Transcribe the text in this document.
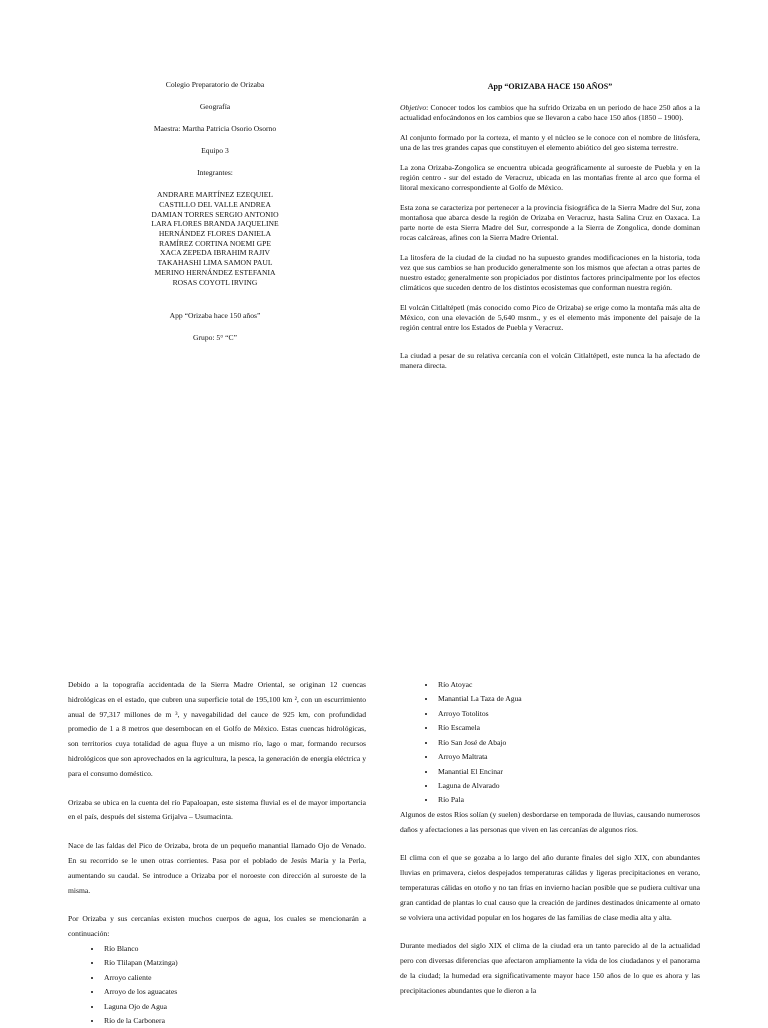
Colegio Preparatorio de Orizaba

Geografía

Maestra: Martha Patricia Osorio Osorno

Equipo 3

Integrantes:

ANDRARE MARTÍNEZ EZEQUIEL
CASTILLO DEL VALLE ANDREA
DAMIAN TORRES SERGIO ANTONIO
LARA FLORES BRANDA JAQUELINE
HERNÁNDEZ FLORES DANIELA
RAMÍREZ CORTINA NOEMI GPE
XACA ZEPEDA IBRAHIM RAJIV
TAKAHASHI LIMA SAMON PAUL
MERINO HERNÁNDEZ ESTEFANIA
ROSAS COYOTL IRVING

App “Orizaba hace 150 años”

Grupo: 5° “C”

App “ORIZABA HACE 150 AÑOS”

Objetivo: Conocer todos los cambios que ha sufrido Orizaba en un periodo de hace 250 años a la actualidad enfocándonos en los cambios que se llevaron a cabo hace 150 años (1850 – 1900).

Al conjunto formado por la corteza, el manto y el núcleo se le conoce con el nombre de litósfera, una de las tres grandes capas que constituyen el elemento abiótico del geo sistema terrestre.

La zona Orizaba-Zongolica se encuentra ubicada geográficamente al suroeste de Puebla y en la región centro - sur del estado de Veracruz, ubicada en las montañas frente al arco que forma el litoral mexicano correspondiente al Golfo de México.

Esta zona se caracteriza por pertenecer a la provincia fisiográfica de la Sierra Madre del Sur, zona montañosa que abarca desde la región de Orizaba en Veracruz, hasta Salina Cruz en Oaxaca. La parte norte de esta Sierra Madre del Sur, corresponde a la Sierra de Zongolica, donde dominan rocas calcáreas, afines con la Sierra Madre Oriental.

La litosfera de la ciudad de la ciudad no ha supuesto grandes modificaciones en la historia, toda vez que sus cambios se han producido generalmente son los mismos que afectan a otras partes de nuestro estado; generalmente son propiciados por distintos factores principalmente por los efectos climáticos que suceden dentro de los distintos ecosistemas que conforman nuestra región.

El volcán Citlaltépetl (más conocido como Pico de Orizaba) se erige como la montaña más alta de México, con una elevación de 5,640 msnm., y es el elemento más imponente del paisaje de la región central entre los Estados de Puebla y Veracruz.

La ciudad a pesar de su relativa cercanía con el volcán Citlaltépetl, este nunca la ha afectado de manera directa.

Debido a la topografía accidentada de la Sierra Madre Oriental, se originan 12 cuencas hidrológicas en el estado, que cubren una superficie total de 195,100 km ², con un escurrimiento anual de 97,317 millones de m ³, y navegabilidad del cauce de 925 km, con profundidad promedio de 1 a 8 metros que desembocan en el Golfo de México. Estas cuencas hidrológicas, son territorios cuya totalidad de agua fluye a un mismo río, lago o mar, formando recursos hidrológicos que son aprovechados en la agricultura, la pesca, la generación de energía eléctrica y para el consumo doméstico.

Orizaba se ubica en la cuenta del río Papaloapan, este sistema fluvial es el de mayor importancia en el país, después del sistema Grijalva – Usumacinta.

Nace de las faldas del Pico de Orizaba, brota de un pequeño manantial llamado Ojo de Venado. En su recorrido se le unen otras corrientes. Pasa por el poblado de Jesús María y la Perla, aumentando su caudal. Se introduce a Orizaba por el noroeste con dirección al suroeste de la misma.

Por Orizaba y sus cercanías existen muchos cuerpos de agua, los cuales se mencionarán a continuación:

• Río Blanco
• Río Tlilapan (Matzinga)
• Arroyo caliente
• Arroyo de los aguacates
• Laguna Ojo de Agua
• Río de la Carbonera
• Río Atoyac
• Manantial La Taza de Agua
• Arroyo Totolitos
• Río Escamela
• Río San José de Abajo
• Arroyo Maltrata
• Manantial El Encinar
• Laguna de Alvarado
• Río Pala

Algunos de estos Ríos solían (y suelen) desbordarse en temporada de lluvias, causando numerosos daños y afectaciones a las personas que viven en las cercanías de algunos ríos.

El clima con el que se gozaba a lo largo del año durante finales del siglo XIX, con abundantes lluvias en primavera, cielos despejados temperaturas cálidas y ligeras precipitaciones en verano, temperaturas cálidas en otoño y no tan frías en invierno hacían posible que se pudiera cultivar una gran cantidad de plantas lo cual causo que la creación de jardines destinados únicamente al ornato se volviera una actividad popular en los hogares de las familias de clase media alta y alta.

Durante mediados del siglo XIX el clima de la ciudad era un tanto parecido al de la actualidad pero con diversas diferencias que afectaron ampliamente la vida de los ciudadanos y el panorama de la ciudad; la humedad era significativamente mayor hace 150 años de lo que es ahora y las precipitaciones abundantes que le dieron a la
